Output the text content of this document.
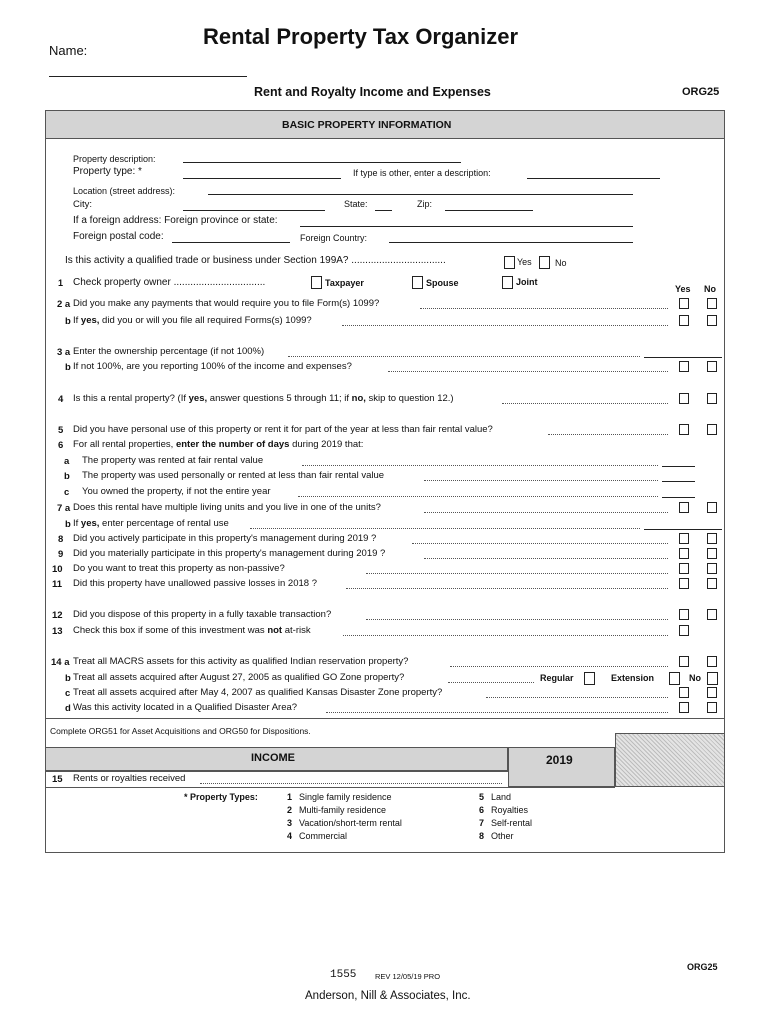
Rental Property Tax Organizer
Name:
Rent and Royalty Income and Expenses	ORG25
BASIC PROPERTY INFORMATION
Property description:
Property type: *	If type is other, enter a description:
Location (street address):
City:	State:	Zip:
If a foreign address: Foreign province or state:
Foreign postal code:	Foreign Country:
Is this activity a qualified trade or business under Section 199A? ..................................	Yes	No
1 Check property owner .................................	Taxpayer	Spouse	Joint
Yes No
2 a Did you make any payments that would require you to file Form(s) 1099?
b If yes, did you or will you file all required Forms(s) 1099?
3 a Enter the ownership percentage (if not 100%)
b If not 100%, are you reporting 100% of the income and expenses?
4 Is this a rental property? (If yes, answer questions 5 through 11; if no, skip to question 12.)
5 Did you have personal use of this property or rent it for part of the year at less than fair rental value?
6 For all rental properties, enter the number of days during 2019 that:
a The property was rented at fair rental value
b The property was used personally or rented at less than fair rental value
c You owned the property, if not the entire year
7 a Does this rental have multiple living units and you live in one of the units?
b If yes, enter percentage of rental use
8 Did you actively participate in this property's management during 2019 ?
9 Did you materially participate in this property's management during 2019 ?
10 Do you want to treat this property as non-passive?
11 Did this property have unallowed passive losses in 2018 ?
12 Did you dispose of this property in a fully taxable transaction?
13 Check this box if some of this investment was not at-risk
14 a Treat all MACRS assets for this activity as qualified Indian reservation property?
b Treat all assets acquired after August 27, 2005 as qualified GO Zone property?	Regular	Extension	No
c Treat all assets acquired after May 4, 2007 as qualified Kansas Disaster Zone property?
d Was this activity located in a Qualified Disaster Area?
Complete ORG51 for Asset Acquisitions and ORG50 for Dispositions.
INCOME	2019
15 Rents or royalties received
* Property Types:	1 Single family residence
2 Multi-family residence
3 Vacation/short-term rental
4 Commercial
5 Land
6 Royalties
7 Self-rental
8 Other
ORG25
1555 REV 12/05/19 PRO
Anderson, Nill & Associates, Inc.
